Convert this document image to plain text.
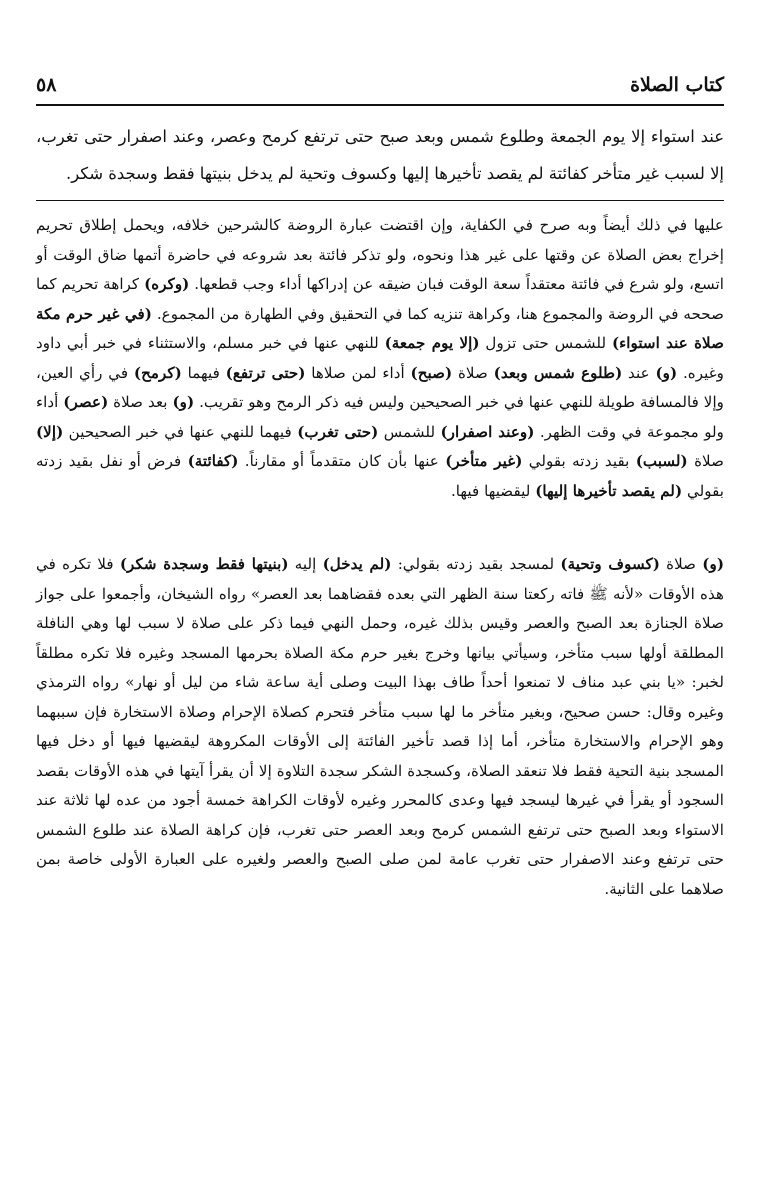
٥٨	كتاب الصلاة
عند استواء إلا يوم الجمعة وطلوع شمس وبعد صبح حتى ترتفع كرمح وعصر، وعند اصفرار حتى تغرب، إلا لسبب غير متأخر كفائتة لم يقصد تأخيرها إليها وكسوف وتحية لم يدخل بنيتها فقط وسجدة شكر.

عليها في ذلك أيضاً وبه صرح في الكفاية، وإن اقتضت عبارة الروضة كالشرحين خلافه، ويحمل إطلاق تحريم إخراج بعض الصلاة عن وقتها على غير هذا ونحوه، ولو تذكر فائتة بعد شروعه في حاضرة أتمها ضاق الوقت أو اتسع، ولو شرع في فائتة معتقداً سعة الوقت فبان ضيقه عن إدراكها أداء وجب قطعها. (وكره) كراهة تحريم كما صححه في الروضة والمجموع هنا، وكراهة تنزيه كما في التحقيق وفي الطهارة من المجموع. (في غير حرم مكة صلاة عند استواء) للشمس حتى تزول (إلا يوم جمعة) للنهي عنها في خبر مسلم، والاستثناء في خبر أبي داود وغيره. (و) عند (طلوع شمس وبعد) صلاة (صبح) أداء لمن صلاها (حتى ترتفع) فيهما (كرمح) في رأي العين، وإلا فالمسافة طويلة للنهي عنها في خبر الصحيحين وليس فيه ذكر الرمح وهو تقريب. (و) بعد صلاة (عصر) أداء ولو مجموعة في وقت الظهر. (وعند اصفرار) للشمس (حتى تغرب) فيهما للنهي عنها في خبر الصحيحين (إلا) صلاة (لسبب) بقيد زدته بقولي (غير متأخر) عنها بأن كان متقدماً أو مقارناً. (كفائتة) فرض أو نفل بقيد زدته بقولي (لم يقصد تأخيرها إليها) ليقضيها فيها.

(و) صلاة (كسوف وتحية) لمسجد بقيد زدته بقولي: (لم يدخل) إليه (بنيتها فقط وسجدة شكر) فلا تكره في هذه الأوقات «لأنه ﷺ فاته ركعتا سنة الظهر التي بعده فقضاهما بعد العصر» رواه الشيخان، وأجمعوا على جواز صلاة الجنازة بعد الصبح والعصر وقيس بذلك غيره، وحمل النهي فيما ذكر على صلاة لا سبب لها وهي النافلة المطلقة أولها سبب متأخر، وسيأتي بيانها وخرج بغير حرم مكة الصلاة بحرمها المسجد وغيره فلا تكره مطلقاً لخبر: «يا بني عبد مناف لا تمنعوا أحداً طاف بهذا البيت وصلى أية ساعة شاء من ليل أو نهار» رواه الترمذي وغيره وقال: حسن صحيح، وبغير متأخر ما لها سبب متأخر فتحرم كصلاة الإحرام وصلاة الاستخارة فإن سببهما وهو الإحرام والاستخارة متأخر، أما إذا قصد تأخير الفائتة إلى الأوقات المكروهة ليقضيها فيها أو دخل فيها المسجد بنية التحية فقط فلا تنعقد الصلاة، وكسجدة الشكر سجدة التلاوة إلا أن يقرأ آيتها في هذه الأوقات بقصد السجود أو يقرأ في غيرها ليسجد فيها وعدى كالمحرر وغيره لأوقات الكراهة خمسة أجود من عده لها ثلاثة عند الاستواء وبعد الصبح حتى ترتفع الشمس كرمح وبعد العصر حتى تغرب، فإن كراهة الصلاة عند طلوع الشمس حتى ترتفع وعند الاصفرار حتى تغرب عامة لمن صلى الصبح والعصر ولغيره على العبارة الأولى خاصة بمن صلاهما على الثانية.
